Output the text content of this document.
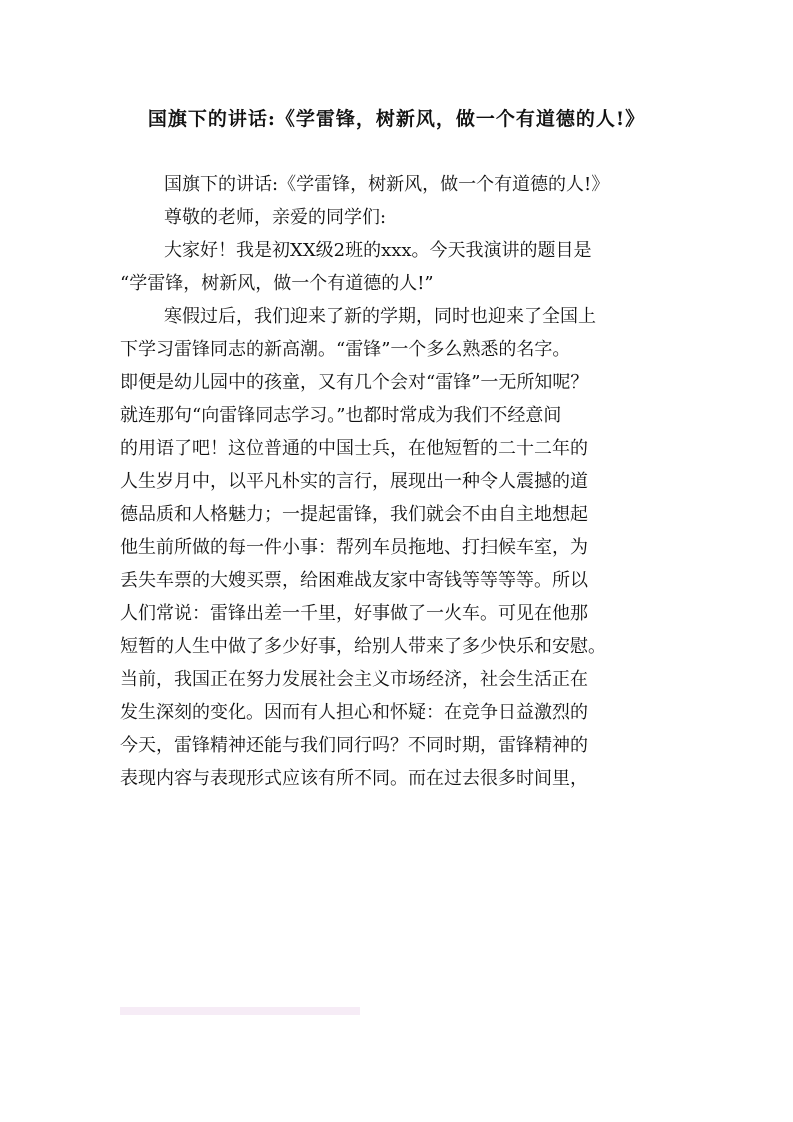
国旗下的讲话:《学雷锋，树新风，做一个有道德的人!》
国旗下的讲话:《学雷锋，树新风，做一个有道德的人!》
尊敬的老师，亲爱的同学们:
大家好！我是初XX级2班的xxx。今天我演讲的题目是
“学雷锋，树新风，做一个有道德的人!”
寒假过后，我们迎来了新的学期，同时也迎来了全国上
下学习雷锋同志的新高潮。“雷锋”一个多么熟悉的名字。
即便是幼儿园中的孩童，又有几个会对“雷锋”一无所知呢？
就连那句“向雷锋同志学习。”也都时常成为我们不经意间
的用语了吧！这位普通的中国士兵，在他短暂的二十二年的
人生岁月中，以平凡朴实的言行，展现出一种令人震撼的道
德品质和人格魅力；一提起雷锋，我们就会不由自主地想起
他生前所做的每一件小事：帮列车员拖地、打扫候车室，为
丢失车票的大嫂买票，给困难战友家中寄钱等等等等。所以
人们常说：雷锋出差一千里，好事做了一火车。可见在他那
短暂的人生中做了多少好事，给别人带来了多少快乐和安慰。
当前，我国正在努力发展社会主义市场经济，社会生活正在
发生深刻的变化。因而有人担心和怀疑：在竞争日益激烈的
今天，雷锋精神还能与我们同行吗？不同时期，雷锋精神的
表现内容与表现形式应该有所不同。而在过去很多时间里，
